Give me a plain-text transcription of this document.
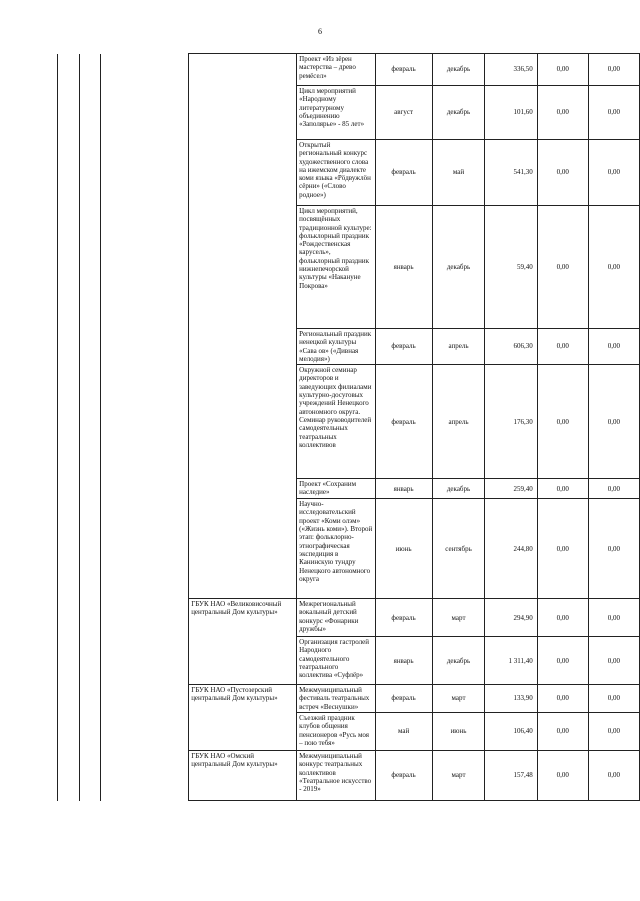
6
				Проект «Из зёрен мастерства – древо ремёсел»	февраль	декабрь	336,50	0,00	0,00
				Цикл мероприятий «Народному литературному объединению «Заполярье» - 85 лет»	август	декабрь	101,60	0,00	0,00
				Открытый региональный конкурс художественного слова на ижемском диалекте коми языка «Рӧдвужлӧн сёрни» («Слово родное»)	февраль	май	541,30	0,00	0,00
				Цикл мероприятий, посвящённых традиционной культуре: фольклорный праздник «Рождественская карусель», фольклорный праздник нижнепечорской культуры «Накануне Покрова»	январь	декабрь	59,40	0,00	0,00
				Региональный праздник ненецкой культуры «Сава ов» («Дивная мелодия»)	февраль	апрель	606,30	0,00	0,00
				Окружной семинар директоров и заведующих филиалами культурно-досуговых учреждений Ненецкого автономного округа. Семинар руководителей самодеятельных театральных коллективов	февраль	апрель	176,30	0,00	0,00
				Проект «Сохраним наследие»	январь	декабрь	259,40	0,00	0,00
				Научно-исследовательский проект «Коми олэм» («Жизнь коми»). Второй этап: фольклорно-этнографическая экспедиция в Канинскую тундру Ненецкого автономного округа	июнь	сентябрь	244,80	0,00	0,00
			ГБУК НАО «Великовисочный центральный Дом культуры»	Межрегиональный вокальный детский конкурс «Фонарики дружбы»	февраль	март	294,90	0,00	0,00
				Организация гастролей Народного самодеятельного театрального коллектива «Суфлёр»	январь	декабрь	1 311,40	0,00	0,00
			ГБУК НАО «Пустозерский центральный Дом культуры»	Межмуниципальный фестиваль театральных встреч «Веснушки»	февраль	март	133,90	0,00	0,00
				Съезжий праздник клубов общения пенсионеров «Русь моя – пою тебя»	май	июнь	106,40	0,00	0,00
			ГБУК НАО «Омский центральный Дом культуры»	Межмуниципальный конкурс театральных коллективов «Театральное искусство - 2019»	февраль	март	157,48	0,00	0,00
